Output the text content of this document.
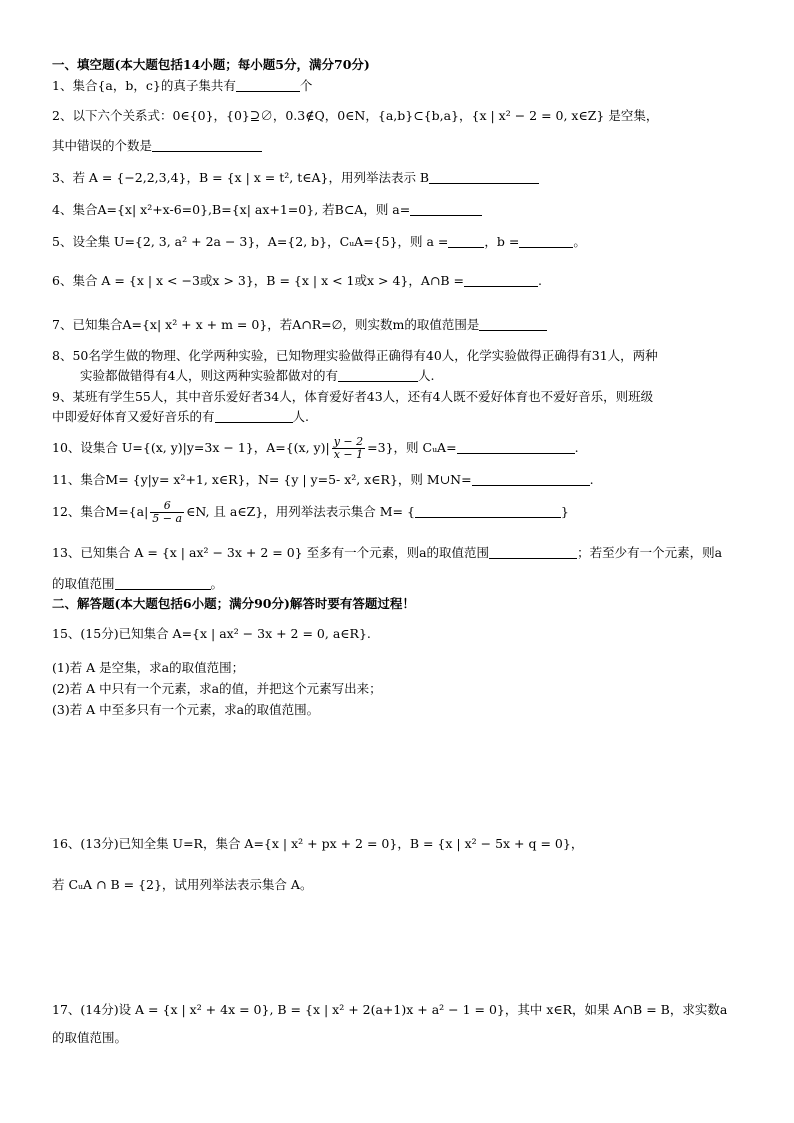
一、填空题(本大题包括14小题；每小题5分，满分70分)
1、集合{a，b，c}的真子集共有	个
2、以下六个关系式：0∈{0}，{0}⊇∅，0.3∉Q，0∈N，{a,b}⊂{b,a}，{x | x² − 2 = 0, x∈Z} 是空集，
其中错误的个数是
3、若 A = {−2,2,3,4}，B = {x | x = t², t∈A}，用列举法表示 B
4、集合A={x| x²+x-6=0},B={x| ax+1=0}, 若B⊂A，则 a=
5、设全集 U={2, 3, a² + 2a − 3}，A={2, b}，CᵤA={5}，则 a =	，b =	。
6、集合 A = {x | x < −3或x > 3}，B = {x | x < 1或x > 4}，A∩B =	.
7、已知集合A={x| x² + x + m = 0}，若A∩R=∅，则实数m的取值范围是
8、50名学生做的物理、化学两种实验，已知物理实验做得正确得有40人，化学实验做得正确得有31人，两种
实验都做错得有4人，则这两种实验都做对的有	人.
9、某班有学生55人，其中音乐爱好者34人，体育爱好者43人，还有4人既不爱好体育也不爱好音乐，则班级
中即爱好体育又爱好音乐的有	人.
10、设集合 U={(x, y)|y=3x − 1}，A={(x, $y)| \frac{y - 2}{x - 1} =3$}，则 CᵤA=	.
11、集合M= {y|y= x²+1, x∈R}，N= {y | y=5- x², x∈R}，则 M∪N=	.
12、集合$M=\{a| \frac{6}{5 - a}$ ∈N, 且 a∈Z}，用列举法表示集合 M= {	}
13、已知集合 A = {x | ax² − 3x + 2 = 0} 至多有一个元素，则a的取值范围	；若至少有一个元素，则a
的取值范围	。
二、解答题(本大题包括6小题；满分90分)解答时要有答题过程！
15、(15分)已知集合 A={x | ax² − 3x + 2 = 0, a∈R}.
(1)若 A 是空集，求a的取值范围；
(2)若 A 中只有一个元素，求a的值，并把这个元素写出来；
(3)若 A 中至多只有一个元素，求a的取值范围。
16、(13分)已知全集 U=R，集合 A={x | x² + px + 2 = 0}，B = {x | x² − 5x + q = 0}，
若 CᵤA ∩ B = {2}，试用列举法表示集合 A。
17、(14分)设 A = {x | x² + 4x = 0}, B = {x | x² + 2(a+1)x + a² − 1 = 0}，其中 x∈R，如果 A∩B = B，求实数a
的取值范围。
